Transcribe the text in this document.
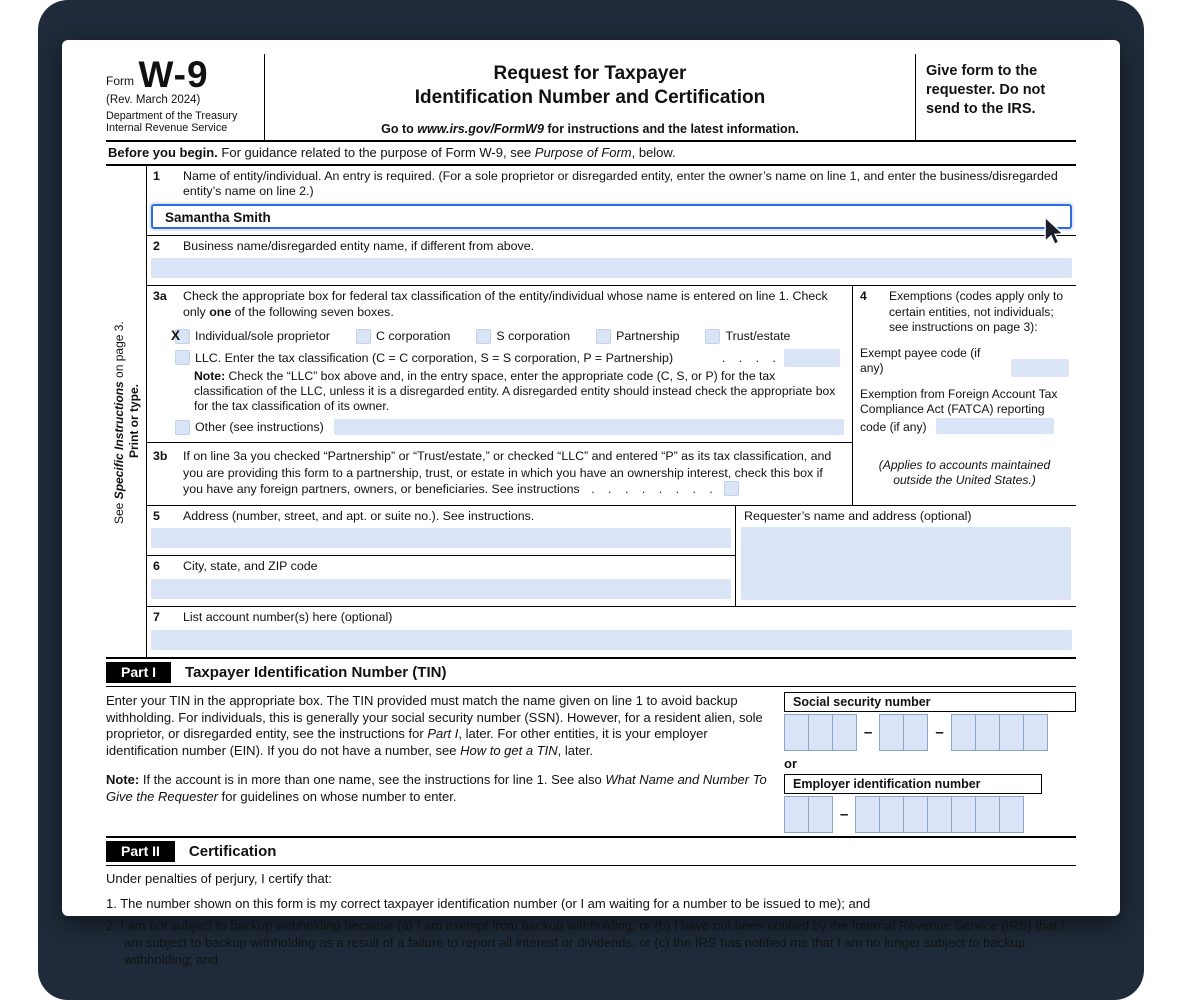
Form W-9
(Rev. March 2024)
Department of the Treasury
Internal Revenue Service
Request for Taxpayer
Identification Number and Certification
Go to www.irs.gov/FormW9 for instructions and the latest information.
Give form to the requester. Do not send to the IRS.
Before you begin. For guidance related to the purpose of Form W-9, see Purpose of Form, below.
Print or type.
See Specific Instructions on page 3.
1	Name of entity/individual. An entry is required. (For a sole proprietor or disregarded entity, enter the owner’s name on line 1, and enter the business/disregarded entity’s name on line 2.)
Samantha Smith
2	Business name/disregarded entity name, if different from above.
3a	Check the appropriate box for federal tax classification of the entity/individual whose name is entered on line 1. Check only one of the following seven boxes.
X Individual/sole proprietor	C corporation	S corporation	Partnership	Trust/estate
LLC. Enter the tax classification (C = C corporation, S = S corporation, P = Partnership)	. . . .
Note: Check the “LLC” box above and, in the entry space, enter the appropriate code (C, S, or P) for the tax classification of the LLC, unless it is a disregarded entity. A disregarded entity should instead check the appropriate box for the tax classification of its owner.
Other (see instructions)
3b	If on line 3a you checked “Partnership” or “Trust/estate,” or checked “LLC” and entered “P” as its tax classification, and you are providing this form to a partnership, trust, or estate in which you have an ownership interest, check this box if you have any foreign partners, owners, or beneficiaries. See instructions . . . . . . . .
4	Exemptions (codes apply only to certain entities, not individuals; see instructions on page 3):
Exempt payee code (if any)
Exemption from Foreign Account Tax Compliance Act (FATCA) reporting code (if any)
(Applies to accounts maintained outside the United States.)
5	Address (number, street, and apt. or suite no.). See instructions.
6	City, state, and ZIP code
Requester’s name and address (optional)
7	List account number(s) here (optional)
Part I	Taxpayer Identification Number (TIN)

Enter your TIN in the appropriate box. The TIN provided must match the name given on line 1 to avoid backup withholding. For individuals, this is generally your social security number (SSN). However, for a resident alien, sole proprietor, or disregarded entity, see the instructions for Part I, later. For other entities, it is your employer identification number (EIN). If you do not have a number, see How to get a TIN, later.

Note: If the account is in more than one name, see the instructions for line 1. See also What Name and Number To Give the Requester for guidelines on whose number to enter.

Social security number
–	–
or
Employer identification number
–
Part II	Certification
Under penalties of perjury, I certify that:
1. The number shown on this form is my correct taxpayer identification number (or I am waiting for a number to be issued to me); and
2. I am not subject to backup withholding because (a) I am exempt from backup withholding, or (b) I have not been notified by the Internal Revenue Service (IRS) that I am subject to backup withholding as a result of a failure to report all interest or dividends, or (c) the IRS has notified me that I am no longer subject to backup withholding; and
